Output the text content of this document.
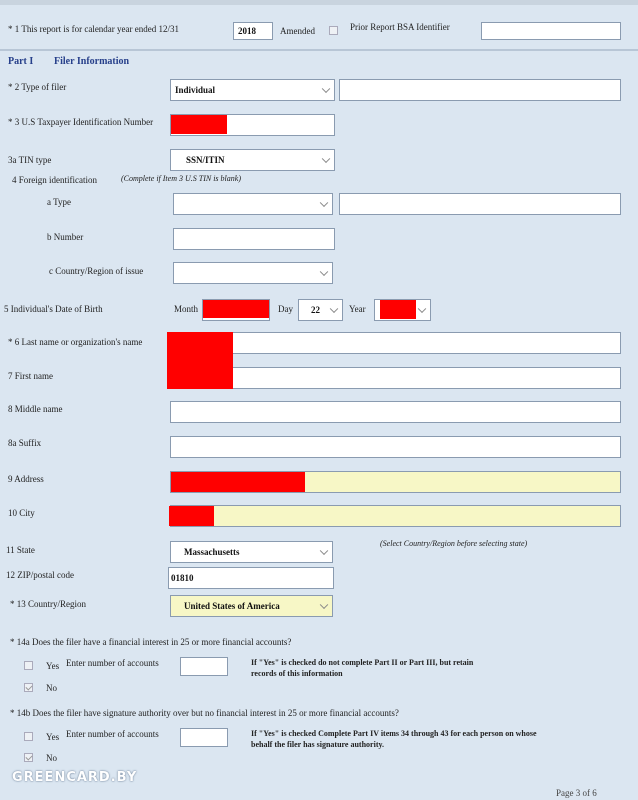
* 1 This report is for calendar year ended 12/31	2018	Amended	Prior Report BSA Identifier
Part I Filer Information
* 2 Type of filer	Individual
* 3 U.S Taxpayer Identification Number
3a TIN type	SSN/ITIN
4 Foreign identification	(Complete if Item 3 U.S TIN is blank)
a Type
b Number
c Country/Region of issue
5 Individual's Date of Birth	Month	Day 22	Year
* 6 Last name or organization's name
7 First name
8 Middle name
8a Suffix
9 Address
10 City
11 State	Massachusetts
(Select Country/Region before selecting state)
12 ZIP/postal code	01810
* 13 Country/Region	United States of America
* 14a Does the filer have a financial interest in 25 or more financial accounts?
Yes Enter number of accounts	If "Yes" is checked do not complete Part II or Part III, but retain
records of this information
No
* 14b Does the filer have signature authority over but no financial interest in 25 or more financial accounts?
Yes Enter number of accounts	If "Yes" is checked Complete Part IV items 34 through 43 for each person on whose
behalf the filer has signature authority.
No
GREENCARD.BY
Page 3 of 6
